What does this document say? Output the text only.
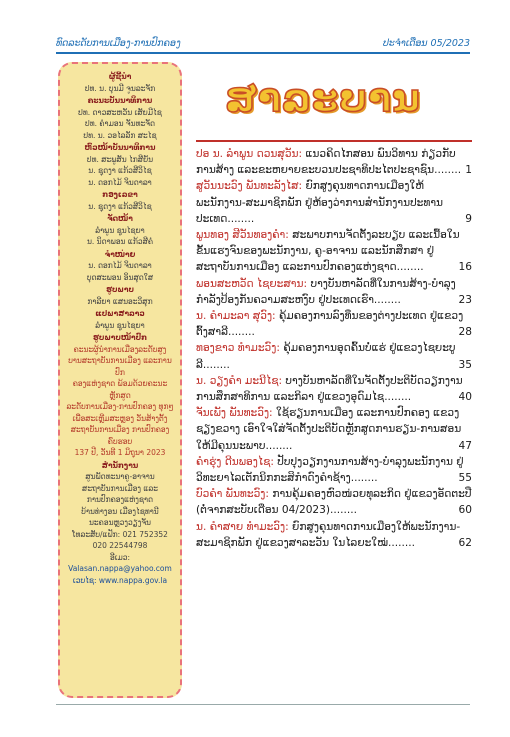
ທົດລະດັບການເມືອງ-ການປົກຄອງ	ປະຈຳເດືອນ 05/2023
ຜູ້ຊີ້ນຳ
ປທ. ນ. ບຸນມີ ຈູນລະຈັກ
ຄະນະບັນນາທິການ
ປທ. ດາວສະຫວັນ ເສັຍມີໄຊ
ປທ. ຄຳມອນ ຈັນທະຈັດ
ປທ. ນ. ວອໄລລັກ ສະໄຊ
ຫົວໜ້າບັນນາທິການ
ປທ. ສະພູສັນ ໄກສີຍັນ
ນ. ຊຸດງາ ແກ້ວສີວິໄຊ
ນ. ດອກໄມ້ ຈິນດາລາ
ກອງເລຂາ
ນ. ຊຸດງາ ແກ້ວສີວິໄຊ
ຈັດໜ້າ
ລຳພູນ ຊຸນໄຊຍາ
ນ. ນິດາພອນ ແກ້ວສີຄໍ
ຈຳໜ່າຍ
ນ. ດອກໄມ້ ຈິນດາລາ
ບຸດສະພອນ ອິນສຸດໃສ
ຮູບພາບ
ກາລີຍາ ແສນອະວິສຸກ
ແປພາສາລາວ
ລຳພູນ ຊຸນໄຊຍາ
ຮູບພາບໜ້າປົກ
ຄະນະຜູ້ນໍາການເມືອງລະດັບສູງ
ບານສະຖາບັນການເມືອງ ແລະການປົກ
ຄອງແຫ່ງຊາດ ພ້ອມດ້ວຍຄະນະຫຼັກສູດ
ລະດັບການເມືອງ-ການປົກຄອງ ທຸກໆ
ເພື່ອສະເຫຼີມສະຫຼອງ ວັນສ້າງຕັ້ງ
ສະຖາບັນການເມືອງ ການປົກຄອງ ຄົບຮອບ
137 ປີ, ວັນທີ 1 ມິຖຸນາ 2023
ສຳນັກງານ
ສູນພັດທະນາຄູ-ອາຈານ
ສະຖາບັນການເມືອງ ແລະ
ການປົກຄອງແຫ່ງຊາດ
ບ້ານທ່າງອນ ເມືອງໄຊທານີ
ນະຄອນຫຼວງວຽງຈັນ
ໂທລະສັບ/ແຟັກ: 021 752352
020 22544798
ອີເມວ:
Valasan.nappa@yahoo.com
ເວບໄຊ: www.nappa.gov.la
ສາລະບານ
ປອ ນ. ລຳພູນ ດວນສຸວັນ: ແນວຄິດໄກສອນ ພົນວິທານ ກ່ຽວກັບການສ້າງ ແລະຂະຫຍາຍຂະບວນປະຊາທິປະໄຕປະຊາຊົນ........ 1
ສູວັນນະວົງ ພັນທະລັງໄສ: ຍົກສູງຄຸນທາດການເມືອງໃຫ້ພະນັກງານ-ສະມາຊິກພັກ ຢູ່ຫ້ອງວ່າການສຳນັກງານປະທານປະເທດ........	9
ພູນທອງ ສີວັນທອງຄຳ: ສະພາບການຈັດຕັ້ງລະບຽບ ແລະເນື້ອໃນຂັ້ນແຮງຈົນຂອງພະນັກງານ, ຄູ-ອາຈານ ແລະນັກສຶກສາ ຢູ່ ສະຖາບັນການເມືອງ ແລະການປົກຄອງແຫ່ງຊາດ........	16
ພອນສະຫວັດ ໄຊຍະສານ: ບາງບັນຫາລັດທີ່ໃນການສ້າງ-ບຳລຸງກຳລັງປ້ອງກັນຄວາມສະຫງົບ ຢູ່ປະເທດເຮົາ........	23
ນ. ຄຳມະລາ ສຸວົງ: ຄຸ້ມຄອງການລົງທຶນຂອງຕ່າງປະເທດ ຢູ່ແຂວງຕົ້ງສາລີ........	28
ທອງຂາວ ທຳມະວົງ: ຄຸ້ມຄອງການອຸດຄົ້ນບໍ່ແຮ່ ຢູ່ແຂວງໄຊຍະບູລີ........	35
ນ. ວຽງຄຳ ມະນີໄຊ: ບາງບັນຫາລັດທີ່ໃນຈັດຕັ້ງປະຕິບັດວຽກງານການສຶກສາທິການ ແລະກິລາ ຢູ່ແຂວງອຸດົມໄຊ........	40
ຈັນເພັງ ພັນທະວົງ: ໃຊ້ຮຽນການເມືອງ ແລະການປົກຄອງ ແຂວງຊຽງຂວາງ ເອົາໃຈໃສ່ຈັດຕັ້ງປະຕິບັດຫຼັກສູດການຮຽນ-ການສອນໃຫ້ມີຄຸນນະພາບ........	47
ຄຳຮຸ່ງ ດີນພອງໄຊ: ປັບປຸງວຽກງານການສ້າງ-ບຳລຸງພະນັກງານ ຢູ່ວິທະຍາໄລເຕັກນິກກະສິກຳດົງຄຳຊ້າງ........	55
ບົວຄຳ ພັນທະວົງ: ການຄຸ້ມຄອງຫົວໜ່ວຍທຸລະກິດ ຢູ່ແຂວງອັດຕະປື (ຕໍ່ຈາກສະບັບເດືອນ 04/2023)........	60
ນ. ຄຳສາຍ ທຳມະວົງ: ຍົກສູງຄຸນທາດການເມືອງໃຫ້ພະນັກງານ-ສະມາຊິກພັກ ຢູ່ແຂວງສາລະວັນ ໃນໄລຍະໃໝ່........	62
